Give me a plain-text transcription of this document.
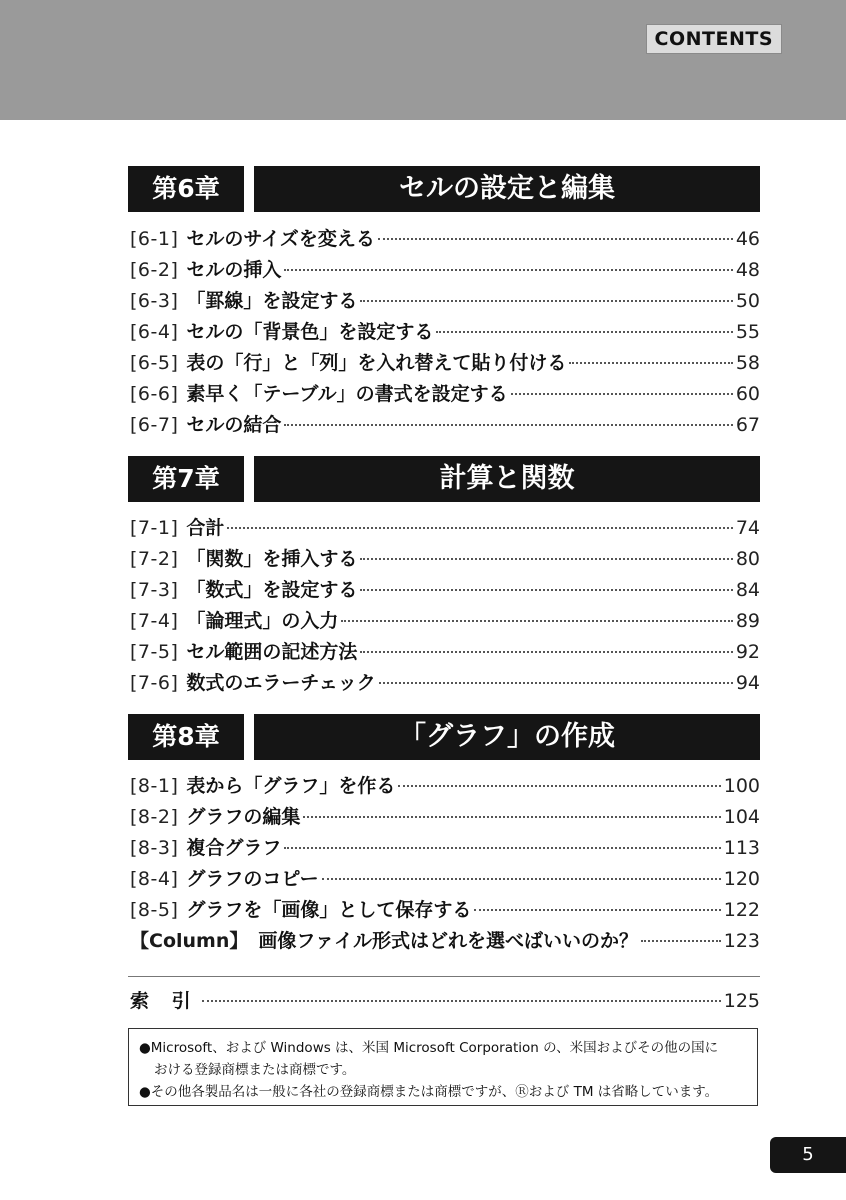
CONTENTS
第6章	セルの設定と編集
[6-1] セルのサイズを変える	46
[6-2] セルの挿入	48
[6-3] 「罫線」を設定する	50
[6-4] セルの「背景色」を設定する	55
[6-5] 表の「行」と「列」を入れ替えて貼り付ける	58
[6-6] 素早く「テーブル」の書式を設定する	60
[6-7] セルの結合	67
第7章	計算と関数
[7-1] 合計	74
[7-2] 「関数」を挿入する	80
[7-3] 「数式」を設定する	84
[7-4] 「論理式」の入力	89
[7-5] セル範囲の記述方法	92
[7-6] 数式のエラーチェック	94
第8章	「グラフ」の作成
[8-1] 表から「グラフ」を作る	100
[8-2] グラフの編集	104
[8-3] 複合グラフ	113
[8-4] グラフのコピー	120
[8-5] グラフを「画像」として保存する	122
【Column】 画像ファイル形式はどれを選べばいいのか？	123
索 引	125

●Microsoft、および Windows は、米国 Microsoft Corporation の、米国およびその他の国に

おける登録商標または商標です。

●その他各製品名は一般に各社の登録商標または商標ですが、Ⓡおよび TM は省略しています。

5
